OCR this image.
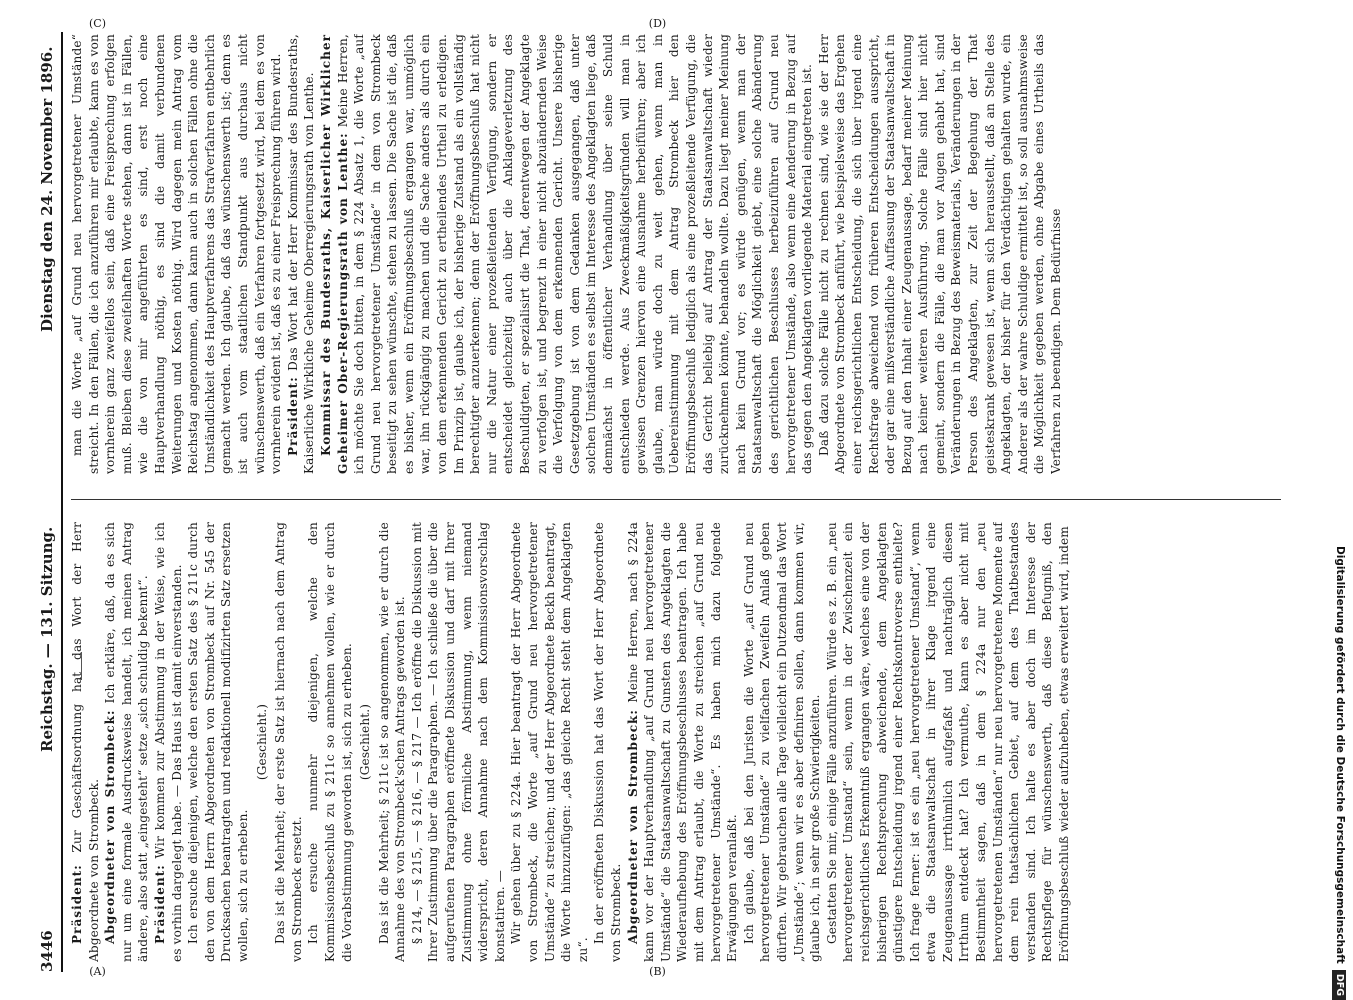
3446
Reichstag. — 131. Sitzung.
Dienstag den 24. November 1896.
(A)	(B)
(C)	(D)

Präsident: Zur Geschäftsordnung hat das Wort der Herr Abgeordnete von Strombeck. Abgeordneter von Strombeck: Ich erkläre, daß, da es sich nur um eine formale Ausdrucksweise handelt, ich meinen Antrag ändere, also statt „eingesteht“ setze „sich schuldig bekennt“. Präsident: Wir kommen zur Abstimmung in der Weise, wie ich es vorhin dargelegt habe. — Das Haus ist damit einverstanden. Ich ersuche diejenigen, welche den ersten Satz des § 211c durch den von dem Herrn Abgeordneten von Strombeck auf Nr. 545 der Drucksachen beantragten und redaktionell modifizirten Satz ersetzen wollen, sich zu erheben.

(Geschieht.) Das ist die Mehrheit; der erste Satz ist hiernach nach dem Antrag von Strombeck ersetzt. Ich ersuche nunmehr diejenigen, welche den Kommissionsbeschluß zu § 211c so annehmen wollen, wie er durch die Vorabstimmung geworden ist, sich zu erheben. (Geschieht.) Das ist die Mehrheit; § 211c ist so angenommen, wie er durch die Annahme des von Strombeck'schen Antrags geworden ist. § 214, — § 215, — § 216, — § 217 — Ich eröffne die Diskussion mit Ihrer Zustimmung über die Paragraphen. — Ich schließe die über die aufgerufenen Paragraphen eröffnete Diskussion und darf mit Ihrer Zustimmung ohne förmliche Abstimmung, wenn niemand widerspricht, deren Annahme nach dem Kommissionsvorschlag konstatiren. — Wir gehen über zu § 224a. Hier beantragt der Herr Abgeordnete von Strombeck, die Worte „auf Grund neu hervorgetretener Umstände“ zu streichen; und der Herr Abgeordnete Beckh beantragt, die Worte hinzuzufügen: „das gleiche Recht steht dem Angeklagten zu“.

In der eröffneten Diskussion hat das Wort der Herr Abgeordnete von Strombeck. Abgeordneter von Strombeck: Meine Herren, nach § 224a kann vor der Hauptverhandlung „auf Grund neu hervorgetretener Umstände“ die Staatsanwaltschaft zu Gunsten des Angeklagten die Wiederaufhebung des Eröffnungsbeschlusses beantragen. Ich habe mit dem Antrag erlaubt, die Worte zu streichen „auf Grund neu hervorgetretener Umstände“. Es haben mich dazu folgende Erwägungen veranlaßt. Ich glaube, daß bei den Juristen die Worte „auf Grund neu hervorgetretener Umstände“ zu vielfachen Zweifeln Anlaß geben dürften. Wir gebrauchen alle Tage vielleicht ein Dutzendmal das Wort „Umstände“; wenn wir es aber definiren sollen, dann kommen wir, glaube ich, in sehr große Schwierigkeiten. Gestatten Sie mir, einige Fälle anzuführen. Würde es z. B. ein „neu hervorgetretener Umstand“ sein, wenn in der Zwischenzeit ein reichsgerichtliches Erkenntniß ergangen wäre, welches eine von der bisherigen Rechtsprechung abweichende, dem Angeklagten günstigere Entscheidung irgend einer Rechtskontroverse enthielte? Ich frage ferner: ist es ein „neu hervorgetretener Umstand“, wenn etwa die Staatsanwaltschaft in ihrer Klage irgend eine Zeugenaussage irrthümlich aufgefaßt und nachträglich diesen Irrthum entdeckt hat? Ich vermuthe, kann es aber nicht mit Bestimmtheit sagen, daß in dem § 224a nur den „neu hervorgetretenen Umständen“ nur neu hervorgetretene Momente auf dem rein thatsächlichen Gebiet, auf dem des Thatbestandes verstanden sind. Ich halte es aber doch im Interesse der Rechtspflege für wünschenswerth, daß diese Befugniß, den Eröffnungsbeschluß wieder aufzuheben, etwas erweitert wird, indem

man die Worte „auf Grund neu hervorgetretener Umstände“ streicht. In den Fällen, die ich anzuführen mir erlaubte, kann es von vornherein ganz zweifellos sein, daß eine Freisprechung erfolgen muß. Bleiben diese zweifelhaften Worte stehen, dann ist in Fällen, wie die von mir angeführten es sind, erst noch eine Hauptverhandlung nöthig, es sind die damit verbundenen Weiterungen und Kosten nöthig. Wird dagegen mein Antrag vom Reichstag angenommen, dann kann auch in solchen Fällen ohne die Umständlichkeit des Hauptverfahrens das Strafverfahren entbehrlich gemacht werden. Ich glaube, daß das wünschenswerth ist; denn es ist auch vom staatlichen Standpunkt aus durchaus nicht wünschenswerth, daß ein Verfahren fortgesetzt wird, bei dem es von vornherein evident ist, daß es zu einer Freisprechung führen wird. Präsident: Das Wort hat der Herr Kommissar des Bundesraths, Kaiserliche Wirkliche Geheime Oberregierungsrath von Lenthe. Kommissar des Bundesraths, Kaiserlicher Wirklicher Geheimer Ober-Regierungsrath von Lenthe: Meine Herren, ich möchte Sie doch bitten, in dem § 224 Absatz 1, die Worte „auf Grund neu hervorgetretener Umstände“ in dem von Strombeck beseitigt zu sehen wünschte, stehen zu lassen. Die Sache ist die, daß es bisher, wenn ein Eröffnungsbeschluß ergangen war, unmöglich war, ihn rückgängig zu machen und die Sache anders als durch ein von dem erkennenden Gericht zu ertheilendes Urtheil zu erledigen. Im Prinzip ist, glaube ich, der bisherige Zustand als ein vollständig berechtigter anzuerkennen; denn der Eröffnungsbeschluß hat nicht nur die Natur einer prozeßleitenden Verfügung, sondern er entscheidet gleichzeitig auch über die Anklageverletzung des Beschuldigten, er spezialisirt die That, derentwegen der Angeklagte zu verfolgen ist, und begrenzt in einer nicht abzuändernden Weise die Verfolgung von dem erkennenden Gericht. Unsere bisherige Gesetzgebung ist von dem Gedanken ausgegangen, daß unter solchen Umständen es selbst im Interesse des Angeklagten liege, daß demnächst in öffentlicher Verhandlung über seine Schuld entschieden werde. Aus Zweckmäßigkeitsgründen will man in gewissen Grenzen hiervon eine Ausnahme herbeiführen; aber ich glaube, man würde doch zu weit gehen, wenn man in Uebereinstimmung mit dem Antrag Strombeck hier den Eröffnungsbeschluß lediglich als eine prozeßleitende Verfügung, die das Gericht beliebig auf Antrag der Staatsanwaltschaft wieder zurücknehmen könnte, behandeln wollte. Dazu liegt meiner Meinung nach kein Grund vor; es würde genügen, wenn man der Staatsanwaltschaft die Möglichkeit giebt, eine solche Abänderung des gerichtlichen Beschlusses herbeizuführen auf Grund neu hervorgetretener Umstände, also wenn eine Aenderung in Bezug auf das gegen den Angeklagten vorliegende Material eingetreten ist. Daß dazu solche Fälle nicht zu rechnen sind, wie sie der Herr Abgeordnete von Strombeck anführt, wie beispielsweise das Ergehen einer reichsgerichtlichen Entscheidung, die sich über irgend eine Rechtsfrage abweichend von früheren Entscheidungen ausspricht, oder gar eine mißverständliche Auffassung der Staatsanwaltschaft in Bezug auf den Inhalt einer Zeugenaussage, bedarf meiner Meinung nach keiner weiteren Ausführung. Solche Fälle sind hier nicht gemeint, sondern die Fälle, die man vor Augen gehabt hat, sind Veränderungen in Bezug des Beweismaterials, Veränderungen in der Person des Angeklagten, zur Zeit der Begehung der That geisteskrank gewesen ist, wenn sich herausstellt, daß an Stelle des Angeklagten, der bisher für den Verdächtigen gehalten wurde, ein Anderer als der wahre Schuldige ermittelt ist, so soll ausnahmsweise die Möglichkeit gegeben werden, ohne Abgabe eines Urtheils das Verfahren zu beendigen. Dem Bedürfnisse

Digitalisierung gefördert durch die Deutsche ForschungsgemeinschaftDFG
